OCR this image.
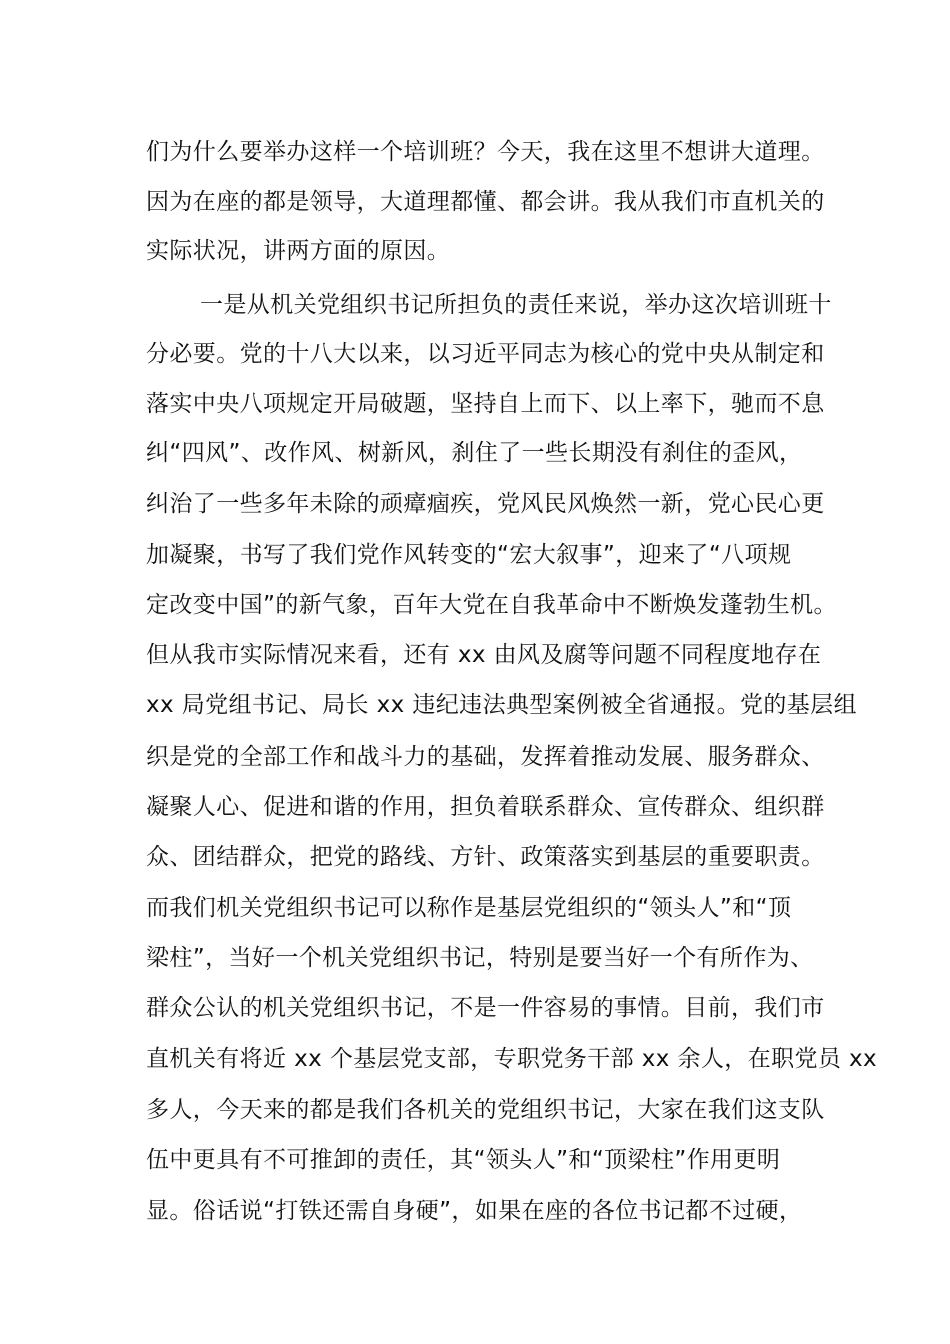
们为什么要举办这样一个培训班？今天，我在这里不想讲大道理。
因为在座的都是领导，大道理都懂、都会讲。我从我们市直机关的
实际状况，讲两方面的原因。
一是从机关党组织书记所担负的责任来说，举办这次培训班十
分必要。党的十八大以来，以习近平同志为核心的党中央从制定和
落实中央八项规定开局破题，坚持自上而下、以上率下，驰而不息
纠“四风”、改作风、树新风，刹住了一些长期没有刹住的歪风，
纠治了一些多年未除的顽瘴痼疾，党风民风焕然一新，党心民心更
加凝聚，书写了我们党作风转变的“宏大叙事”，迎来了“八项规
定改变中国”的新气象，百年大党在自我革命中不断焕发蓬勃生机。
但从我市实际情况来看，还有 xx 由风及腐等问题不同程度地存在
xx 局党组书记、局长 xx 违纪违法典型案例被全省通报。党的基层组
织是党的全部工作和战斗力的基础，发挥着推动发展、服务群众、
凝聚人心、促进和谐的作用，担负着联系群众、宣传群众、组织群
众、团结群众，把党的路线、方针、政策落实到基层的重要职责。
而我们机关党组织书记可以称作是基层党组织的“领头人”和“顶
梁柱”，当好一个机关党组织书记，特别是要当好一个有所作为、
群众公认的机关党组织书记，不是一件容易的事情。目前，我们市
直机关有将近 xx 个基层党支部，专职党务干部 xx 余人，在职党员 xx
多人，今天来的都是我们各机关的党组织书记，大家在我们这支队
伍中更具有不可推卸的责任，其“领头人”和“顶梁柱”作用更明
显。俗话说“打铁还需自身硬”，如果在座的各位书记都不过硬，
